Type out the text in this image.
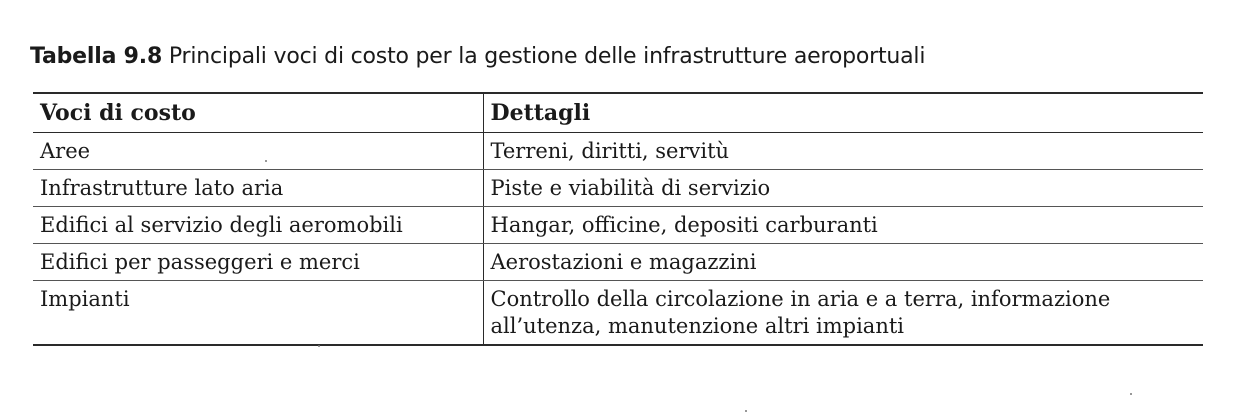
Tabella 9.8 Principali voci di costo per la gestione delle infrastrutture aeroportuali
Voci di costo	Dettagli
Aree	Terreni, diritti, servitù
Infrastrutture lato aria	Piste e viabilità di servizio
Edifici al servizio degli aeromobili	Hangar, officine, depositi carburanti
Edifici per passeggeri e merci	Aerostazioni e magazzini
Impianti	Controllo della circolazione in aria e a terra, informazione all’utenza, manutenzione altri impianti
